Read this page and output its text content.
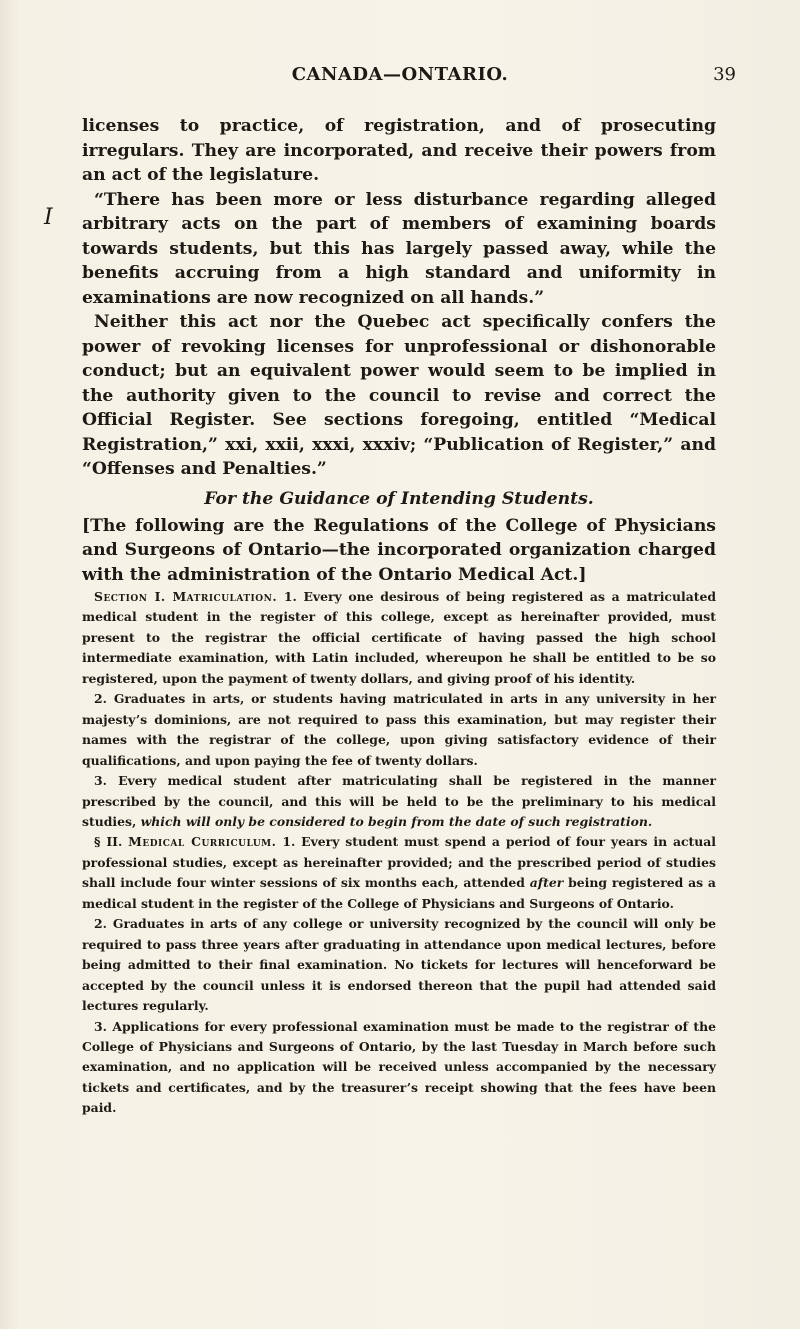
CANADA—ONTARIO.	39
I

licenses to practice, of registration, and of prosecuting irregulars. They are incorporated, and receive their powers from an act of the legislature.

“There has been more or less disturbance regarding alleged arbitrary acts on the part of members of examining boards towards students, but this has largely passed away, while the benefits accruing from a high standard and uniformity in examinations are now recognized on all hands.”

Neither this act nor the Quebec act specifically confers the power of revoking licenses for unprofessional or dishonorable conduct; but an equivalent power would seem to be implied in the authority given to the council to revise and correct the Official Register. See sections foregoing, entitled “Medical Registration,” xxi, xxii, xxxi, xxxiv; “Publication of Register,” and “Offenses and Penalties.”

For the Guidance of Intending Students.

[The following are the Regulations of the College of Physicians and Surgeons of Ontario—the incorporated organization charged with the administration of the Ontario Medical Act.]

Section I. Matriculation. 1. Every one desirous of being registered as a matriculated medical student in the register of this college, except as hereinafter provided, must present to the registrar the official certificate of having passed the high school intermediate examination, with Latin included, whereupon he shall be entitled to be so registered, upon the payment of twenty dollars, and giving proof of his identity.

2. Graduates in arts, or students having matriculated in arts in any university in her majesty’s dominions, are not required to pass this examination, but may register their names with the registrar of the college, upon giving satisfactory evidence of their qualifications, and upon paying the fee of twenty dollars.

3. Every medical student after matriculating shall be registered in the manner prescribed by the council, and this will be held to be the preliminary to his medical studies, which will only be considered to begin from the date of such registration.

§ II. Medical Curriculum. 1. Every student must spend a period of four years in actual professional studies, except as hereinafter provided; and the prescribed period of studies shall include four winter sessions of six months each, attended after being registered as a medical student in the register of the College of Physicians and Surgeons of Ontario.

2. Graduates in arts of any college or university recognized by the council will only be required to pass three years after graduating in attendance upon medical lectures, before being admitted to their final examination. No tickets for lectures will henceforward be accepted by the council unless it is endorsed thereon that the pupil had attended said lectures regularly.

3. Applications for every professional examination must be made to the registrar of the College of Physicians and Surgeons of Ontario, by the last Tuesday in March before such examination, and no application will be received unless accompanied by the necessary tickets and certificates, and by the treasurer’s receipt showing that the fees have been paid.
